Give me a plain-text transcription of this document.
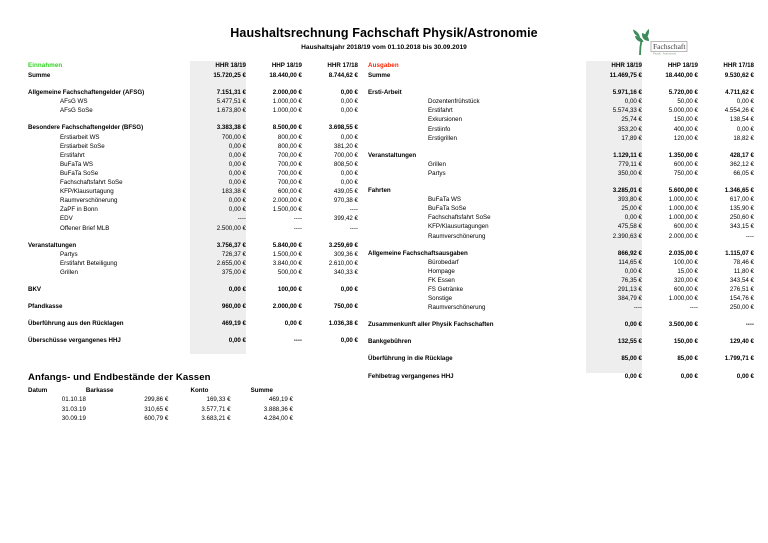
Haushaltsrechnung Fachschaft Physik/Astronomie
Haushaltsjahr 2018/19 vom 01.10.2018 bis 30.09.2019	Fachschaft
Physik · Astronomie
Einnahmen	HHR 18/19	HHP 18/19	HHR 17/18
Summe	15.720,25 €	18.440,00 €	8.744,62 €

Allgemeine Fachschaftengelder (AFSG)	7.151,31 €	2.000,00 €	0,00 €
AFsG WS	5.477,51 €	1.000,00 €	0,00 €
AFsG SoSe	1.673,80 €	1.000,00 €	0,00 €

Besondere Fachschaftengelder (BFSG)	3.383,38 €	8.500,00 €	3.698,55 €
Erstiarbeit WS	700,00 €	800,00 €	0,00 €
Erstiarbeit SoSe	0,00 €	800,00 €	381,20 €
Erstifahrt	0,00 €	700,00 €	700,00 €
BuFaTa WS	0,00 €	700,00 €	808,50 €
BuFaTa SoSe	0,00 €	700,00 €	0,00 €
Fachschaftsfahrt SoSe	0,00 €	700,00 €	0,00 €
KFP/Klausurtagung	183,38 €	600,00 €	439,05 €
Raumverschönerung	0,00 €	2.000,00 €	970,38 €
ZaPF in Bonn	0,00 €	1.500,00 €	----
EDV	----	----	399,42 €
Offener Brief MLB	2.500,00 €	----	----

Veranstaltungen	3.756,37 €	5.840,00 €	3.259,69 €
Partys	726,37 €	1.500,00 €	309,36 €
Erstifahrt Beteiligung	2.655,00 €	3.840,00 €	2.610,00 €
Grillen	375,00 €	500,00 €	340,33 €

BKV	0,00 €	100,00 €	0,00 €

Pfandkasse	960,00 €	2.000,00 €	750,00 €

Überführung aus den Rücklagen	469,19 €	0,00 €	1.036,38 €

Überschüsse vergangenes HHJ	0,00 €	----	0,00 €
Ausgaben	HHR 18/19	HHP 18/19	HHR 17/18
Summe	11.469,75 €	18.440,00 €	9.530,62 €

Ersti-Arbeit	5.971,16 €	5.720,00 €	4.711,62 €
Dozentenfrühstück	0,00 €	50,00 €	0,00 €
Erstifahrt	5.574,33 €	5.000,00 €	4.554,26 €
Exkursionen	25,74 €	150,00 €	138,54 €
Erstiinfo	353,20 €	400,00 €	0,00 €
Erstigrillen	17,89 €	120,00 €	18,82 €

Veranstaltungen	1.129,11 €	1.350,00 €	428,17 €
Grillen	779,11 €	600,00 €	362,12 €
Partys	350,00 €	750,00 €	66,05 €

Fahrten	3.285,01 €	5.600,00 €	1.346,65 €
BuFaTa WS	393,80 €	1.000,00 €	617,00 €
BuFaTa SoSe	25,00 €	1.000,00 €	135,90 €
Fachschaftsfahrt SoSe	0,00 €	1.000,00 €	250,60 €
KFP/Klausurtagungen	475,58 €	600,00 €	343,15 €
Raumverschönerung	2.390,63 €	2.000,00 €	----

Allgemeine Fachschaftsausgaben	866,92 €	2.035,00 €	1.115,07 €
Bürobedarf	114,65 €	100,00 €	78,46 €
Hompage	0,00 €	15,00 €	11,80 €
FK Essen	76,35 €	320,00 €	343,54 €
FS Getränke	291,13 €	600,00 €	276,51 €
Sonstige	384,79 €	1.000,00 €	154,76 €
Raumverschönerung	----	----	250,00 €

Zusammenkunft aller Physik Fachschaften	0,00 €	3.500,00 €	----

Bankgebühren	132,55 €	150,00 €	129,40 €

Überführung in die Rücklage	85,00 €	85,00 €	1.799,71 €

Fehlbetrag vergangenes HHJ	0,00 €	0,00 €	0,00 €
Anfangs- und Endbestände der Kassen
Datum	Barkasse	Konto	Summe
01.10.18	299,86 €	169,33 €	469,19 €
31.03.19	310,65 €	3.577,71 €	3.888,36 €
30.09.19	600,79 €	3.683,21 €	4.284,00 €
